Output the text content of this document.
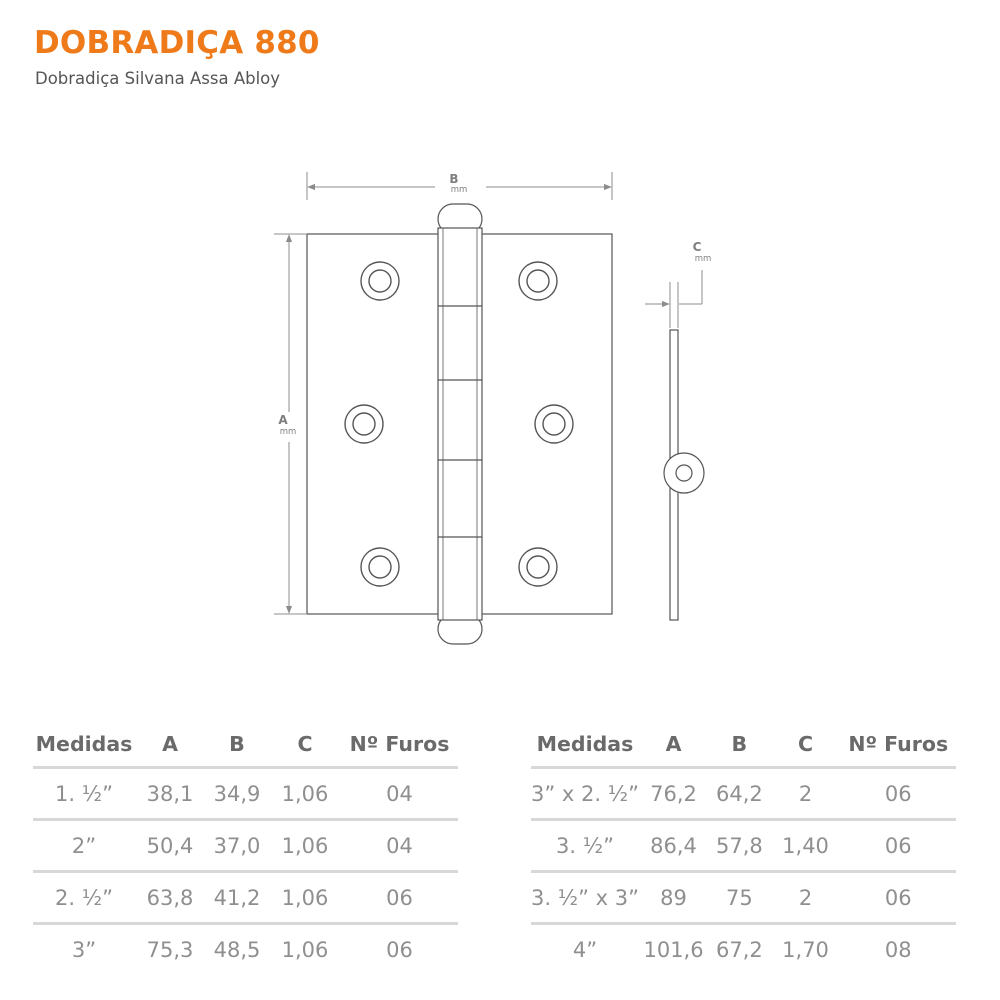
DOBRADIÇA 880

Dobradiça Silvana Assa Abloy

B
mm
A
mm
C
mm
Medidas	A	B	C	Nº Furos
1. ½”	38,1	34,9	1,06	04
2”	50,4	37,0	1,06	04
2. ½”	63,8	41,2	1,06	06
3”	75,3	48,5	1,06	06
Medidas	A	B	C	Nº Furos
3” x 2. ½”	76,2	64,2	2	06
3. ½”	86,4	57,8	1,40	06
3. ½” x 3”	89	75	2	06
4”	101,6	67,2	1,70	08
